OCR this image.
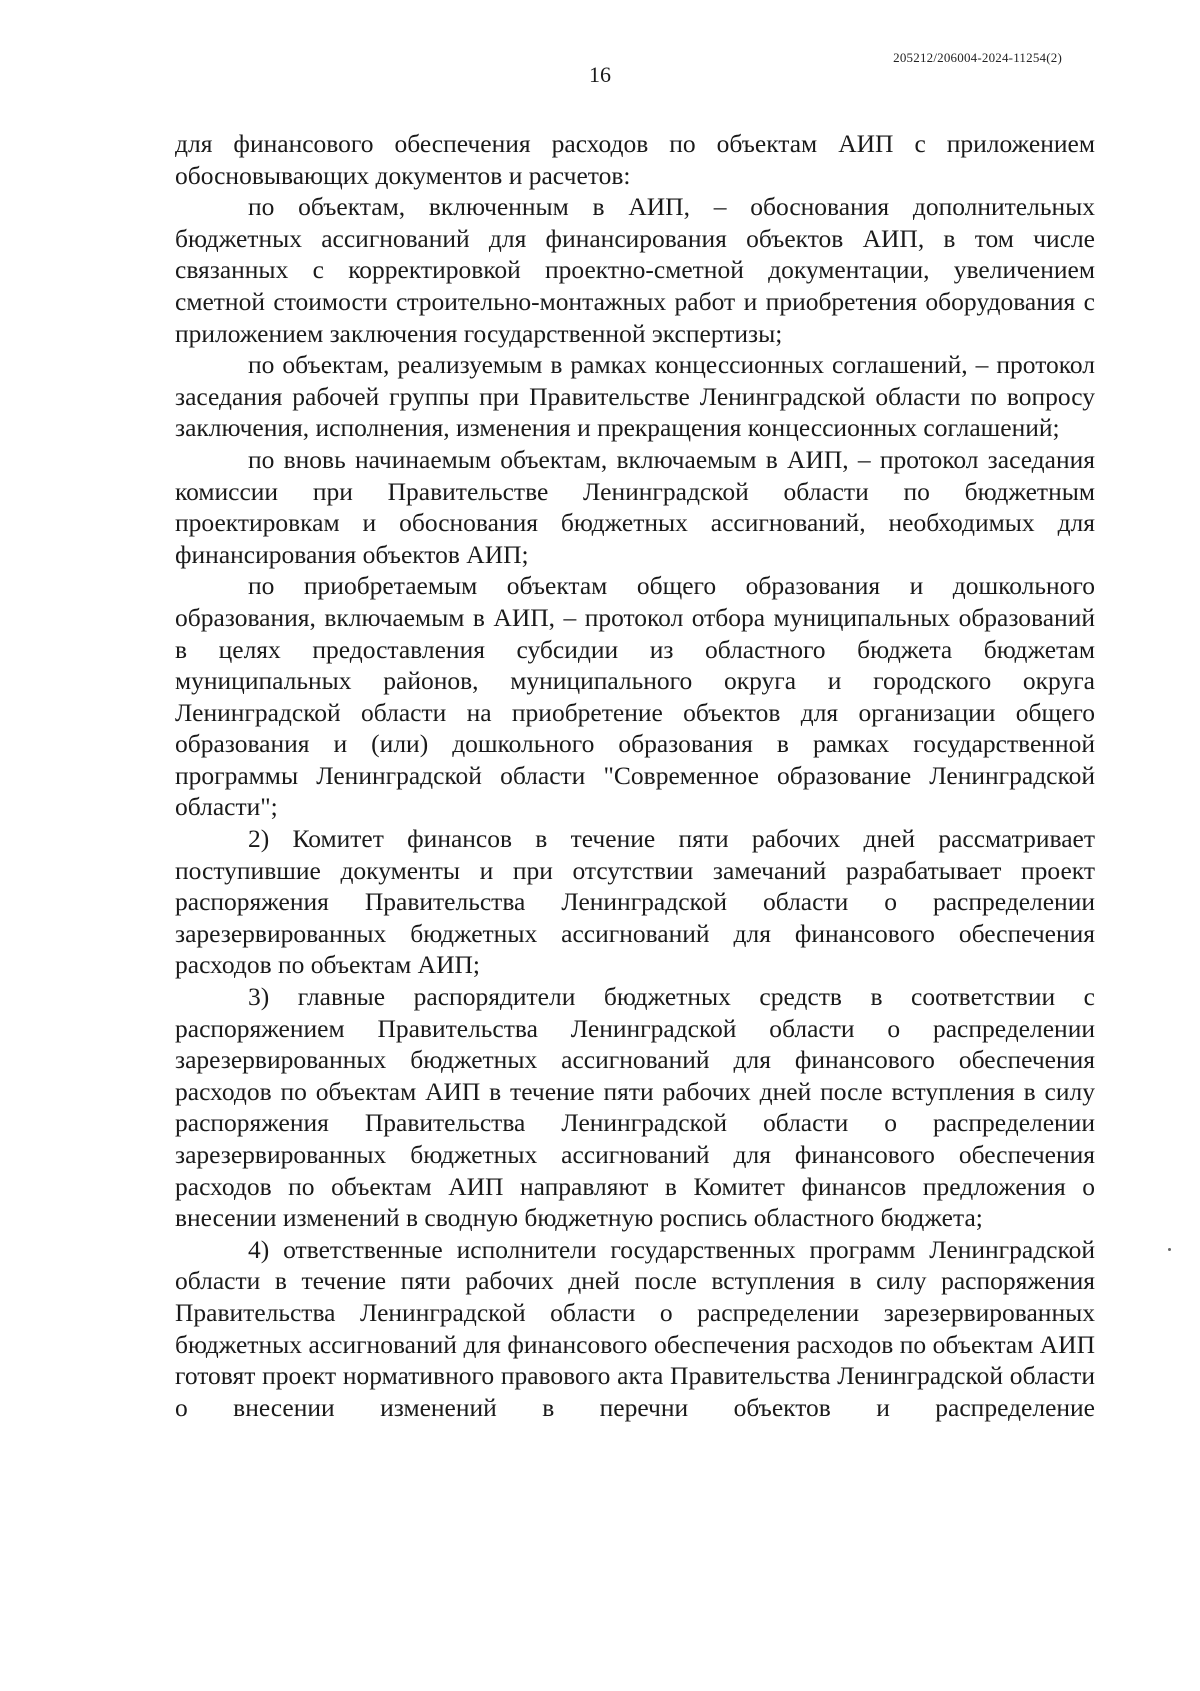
205212/206004-2024-11254(2)
16

для финансового обеспечения расходов по объектам АИП с приложением обосновывающих документов и расчетов:

по объектам, включенным в АИП, – обоснования дополнительных бюджетных ассигнований для финансирования объектов АИП, в том числе связанных с корректировкой проектно-сметной документации, увеличением сметной стоимости строительно-монтажных работ и приобретения оборудования с приложением заключения государственной экспертизы;

по объектам, реализуемым в рамках концессионных соглашений, – протокол заседания рабочей группы при Правительстве Ленинградской области по вопросу заключения, исполнения, изменения и прекращения концессионных соглашений;

по вновь начинаемым объектам, включаемым в АИП, – протокол заседания комиссии при Правительстве Ленинградской области по бюджетным проектировкам и обоснования бюджетных ассигнований, необходимых для финансирования объектов АИП;

по приобретаемым объектам общего образования и дошкольного образования, включаемым в АИП, – протокол отбора муниципальных образований в целях предоставления субсидии из областного бюджета бюджетам муниципальных районов, муниципального округа и городского округа Ленинградской области на приобретение объектов для организации общего образования и (или) дошкольного образования в рамках государственной программы Ленинградской области "Современное образование Ленинградской области";

2) Комитет финансов в течение пяти рабочих дней рассматривает поступившие документы и при отсутствии замечаний разрабатывает проект распоряжения Правительства Ленинградской области о распределении зарезервированных бюджетных ассигнований для финансового обеспечения расходов по объектам АИП;

3) главные распорядители бюджетных средств в соответствии с распоряжением Правительства Ленинградской области о распределении зарезервированных бюджетных ассигнований для финансового обеспечения расходов по объектам АИП в течение пяти рабочих дней после вступления в силу распоряжения Правительства Ленинградской области о распределении зарезервированных бюджетных ассигнований для финансового обеспечения расходов по объектам АИП направляют в Комитет финансов предложения о внесении изменений в сводную бюджетную роспись областного бюджета;

4) ответственные исполнители государственных программ Ленинградской области в течение пяти рабочих дней после вступления в силу распоряжения Правительства Ленинградской области о распределении зарезервированных бюджетных ассигнований для финансового обеспечения расходов по объектам АИП готовят проект нормативного правового акта Правительства Ленинградской области о внесении изменений в перечни объектов и распределение
